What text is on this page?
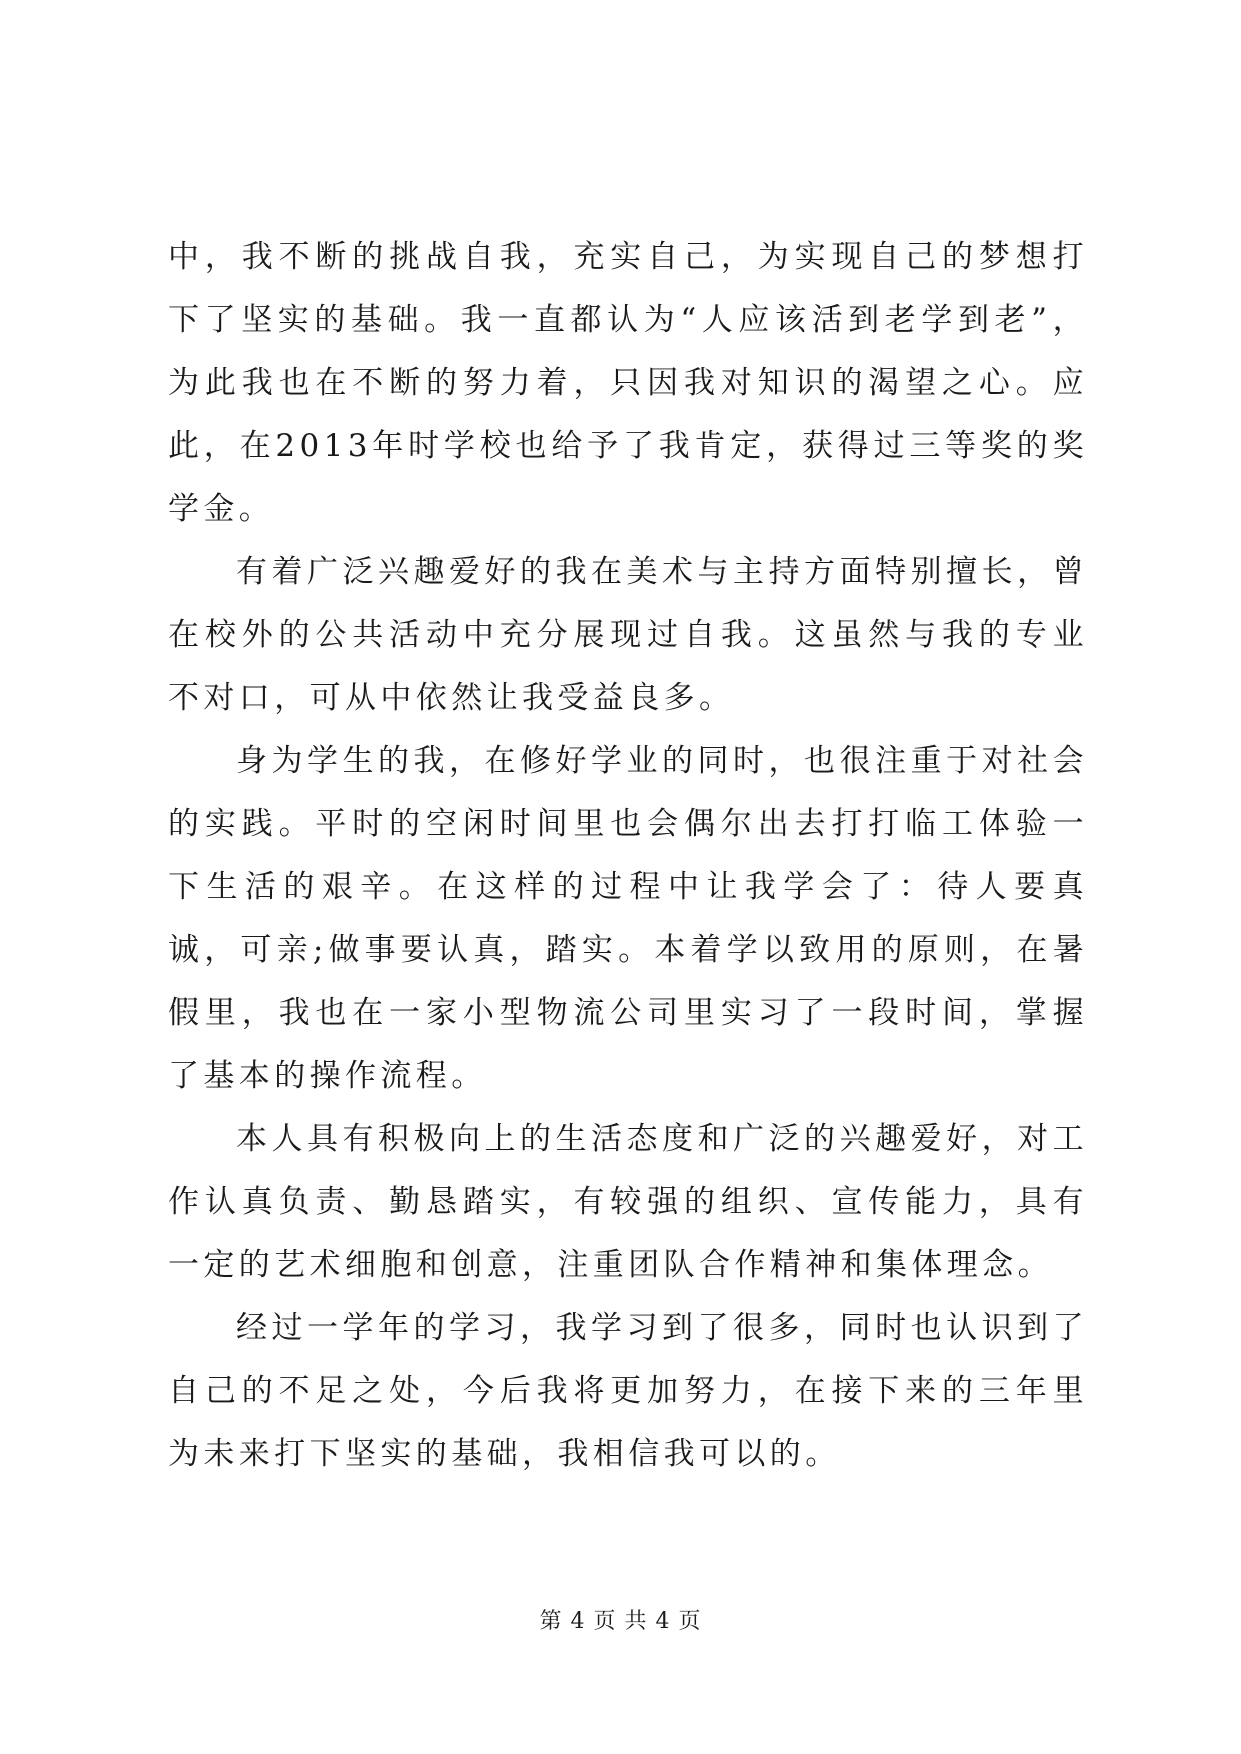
中，我不断的挑战自我，充实自己，为实现自己的梦想打下了坚实的基础。我一直都认为“人应该活到老学到老”，为此我也在不断的努力着，只因我对知识的渴望之心。应此，在2013年时学校也给予了我肯定，获得过三等奖的奖学金。

有着广泛兴趣爱好的我在美术与主持方面特别擅长，曾在校外的公共活动中充分展现过自我。这虽然与我的专业不对口，可从中依然让我受益良多。

身为学生的我，在修好学业的同时，也很注重于对社会的实践。平时的空闲时间里也会偶尔出去打打临工体验一下生活的艰辛。在这样的过程中让我学会了：待人要真诚，可亲;做事要认真，踏实。本着学以致用的原则，在暑假里，我也在一家小型物流公司里实习了一段时间，掌握了基本的操作流程。

本人具有积极向上的生活态度和广泛的兴趣爱好，对工作认真负责、勤恳踏实，有较强的组织、宣传能力，具有一定的艺术细胞和创意，注重团队合作精神和集体理念。

经过一学年的学习，我学习到了很多，同时也认识到了自己的不足之处，今后我将更加努力，在接下来的三年里为未来打下坚实的基础，我相信我可以的。

第 4 页 共 4 页
